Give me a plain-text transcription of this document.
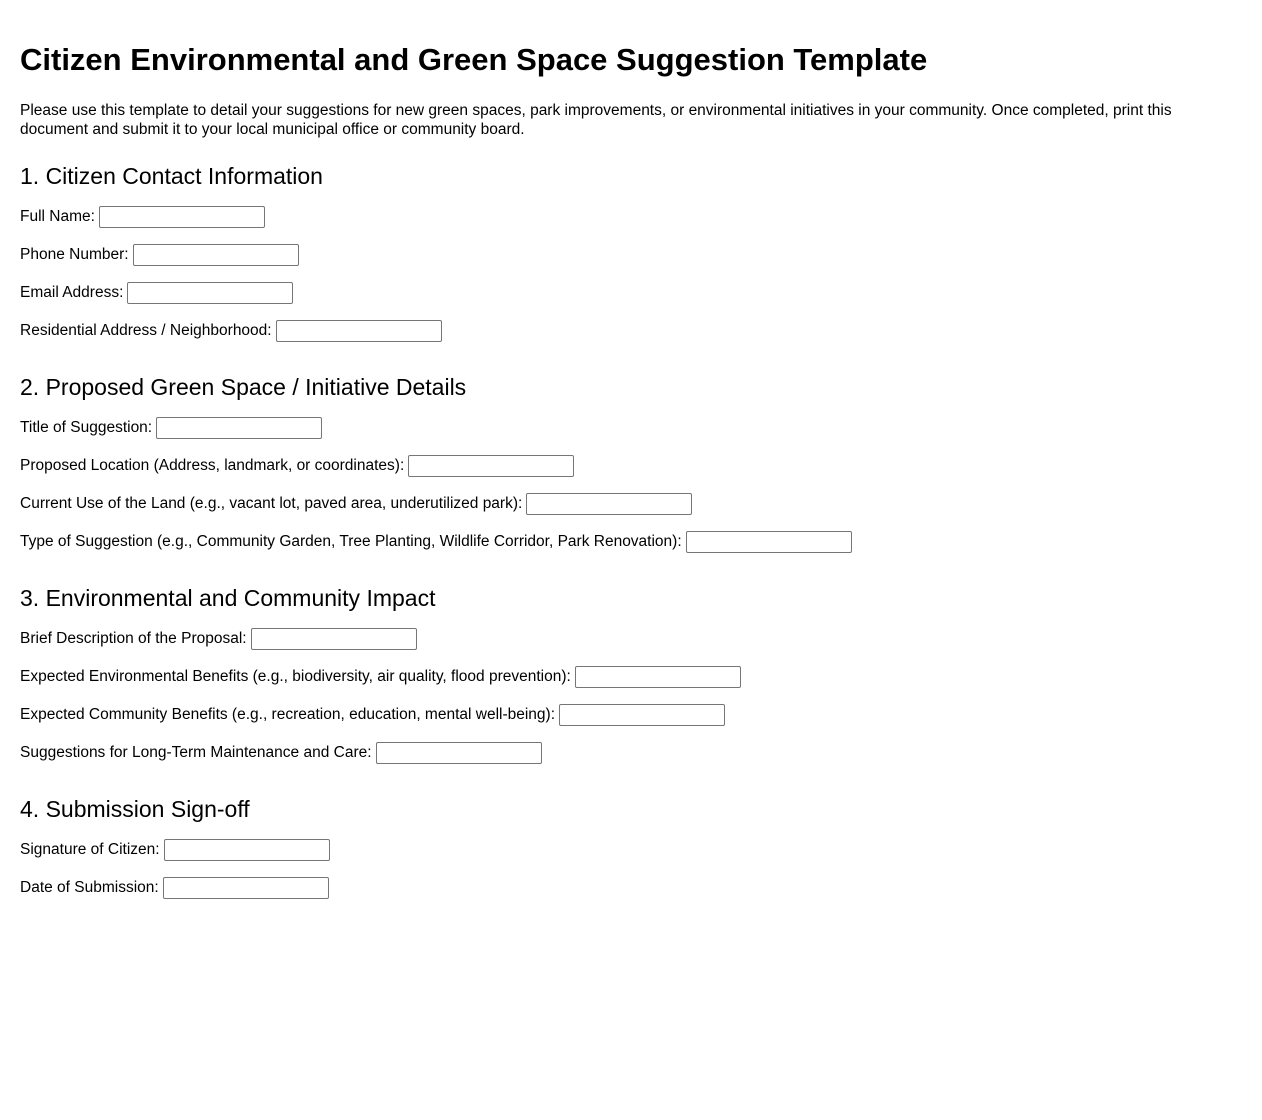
Citizen Environmental and Green Space Suggestion Template

Please use this template to detail your suggestions for new green spaces, park improvements, or environmental initiatives in your community. Once completed, print this document and submit it to your local municipal office or community board.

1. Citizen Contact Information
Full Name:
Phone Number:
Email Address:
Residential Address / Neighborhood:
2. Proposed Green Space / Initiative Details
Title of Suggestion:
Proposed Location (Address, landmark, or coordinates):
Current Use of the Land (e.g., vacant lot, paved area, underutilized park):
Type of Suggestion (e.g., Community Garden, Tree Planting, Wildlife Corridor, Park Renovation):
3. Environmental and Community Impact
Brief Description of the Proposal:
Expected Environmental Benefits (e.g., biodiversity, air quality, flood prevention):
Expected Community Benefits (e.g., recreation, education, mental well-being):
Suggestions for Long-Term Maintenance and Care:
4. Submission Sign-off
Signature of Citizen:
Date of Submission:
